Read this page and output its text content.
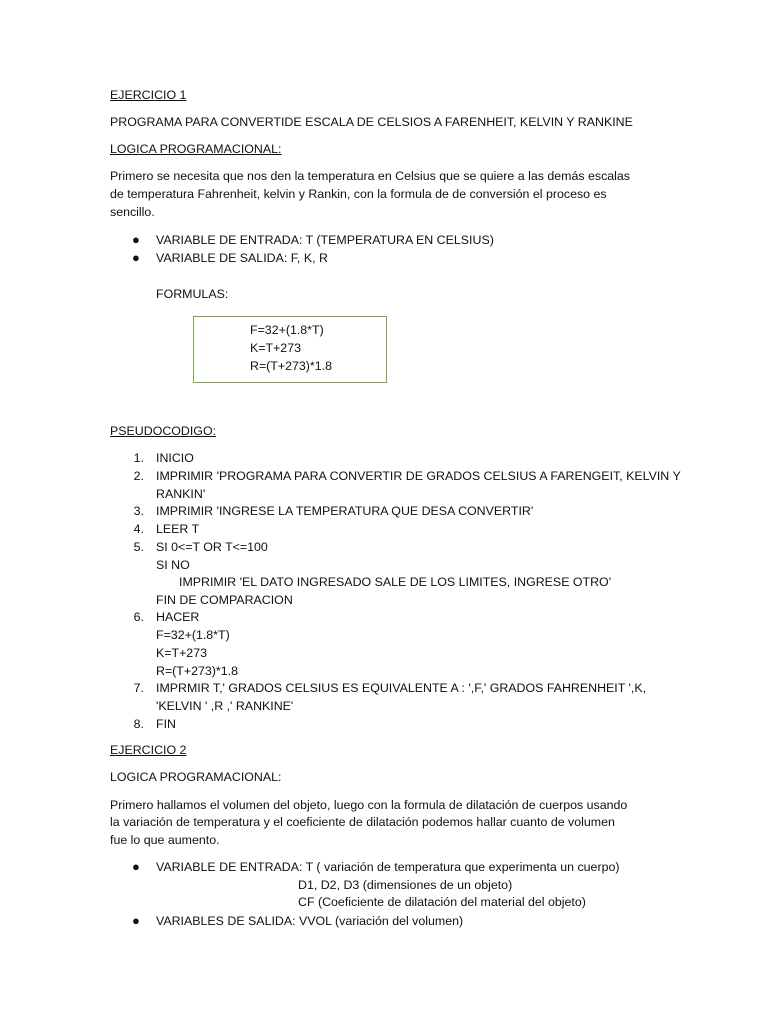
EJERCICIO 1
PROGRAMA PARA CONVERTIDE ESCALA DE CELSIOS A FARENHEIT, KELVIN Y RANKINE
LOGICA PROGRAMACIONAL:
Primero se necesita que nos den la temperatura en Celsius que se quiere a las demás escalas
de temperatura Fahrenheit, kelvin y Rankin, con la formula de de conversión el proceso es
sencillo.
● VARIABLE DE ENTRADA: T (TEMPERATURA EN CELSIUS)
● VARIABLE DE SALIDA: F, K, R
FORMULAS:
F=32+(1.8*T)
K=T+273
R=(T+273)*1.8
PSEUDOCODIGO:
1. INICIO
2. IMPRIMIR 'PROGRAMA PARA CONVERTIR DE GRADOS CELSIUS A FARENGEIT, KELVIN Y
RANKIN'
3. IMPRIMIR 'INGRESE LA TEMPERATURA QUE DESA CONVERTIR'
4. LEER T
5. SI 0<=T OR T<=100
SI NO
IMPRIMIR 'EL DATO INGRESADO SALE DE LOS LIMITES, INGRESE OTRO'
FIN DE COMPARACION
6. HACER
F=32+(1.8*T)
K=T+273
R=(T+273)*1.8
7. IMPRMIR T,' GRADOS CELSIUS ES EQUIVALENTE A : ',F,' GRADOS FAHRENHEIT ',K,
'KELVIN ' ,R ,' RANKINE'
8. FIN
EJERCICIO 2
LOGICA PROGRAMACIONAL:
Primero hallamos el volumen del objeto, luego con la formula de dilatación de cuerpos usando
la variación de temperatura y el coeficiente de dilatación podemos hallar cuanto de volumen
fue lo que aumento.
● VARIABLE DE ENTRADA: T ( variación de temperatura que experimenta un cuerpo)
D1, D2, D3 (dimensiones de un objeto)
CF (Coeficiente de dilatación del material del objeto)
● VARIABLES DE SALIDA: VVOL (variación del volumen)
